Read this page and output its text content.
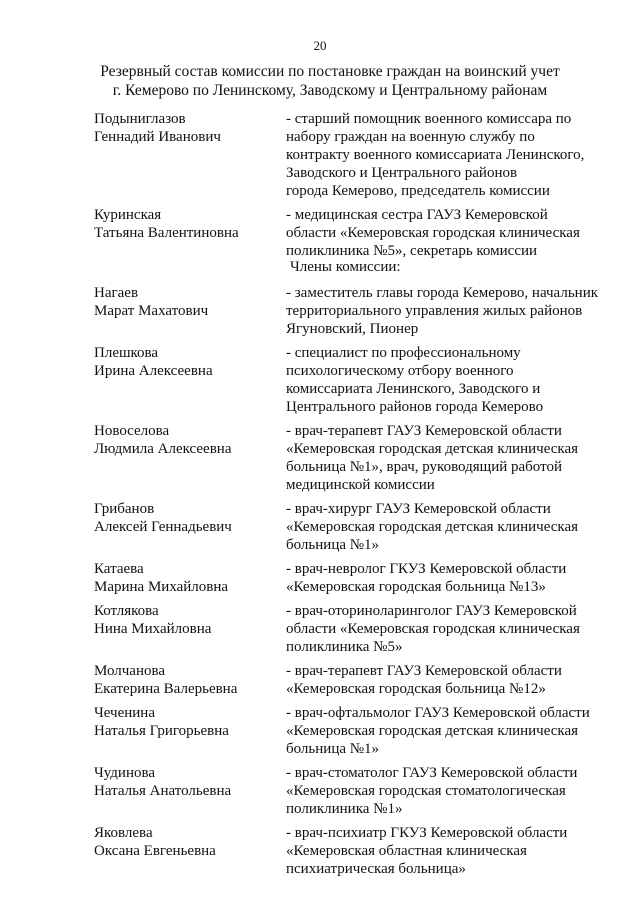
20
Резервный состав комиссии по постановке граждан на воинский учет
г. Кемерово по Ленинскому, Заводскому и Центральному районам
Подыниглазов
Геннадий Иванович
- старший помощник военного комиссара по
набору граждан на военную службу по
контракту военного комиссариата Ленинского,
Заводского и Центрального районов
города Кемерово, председатель комиссии
Куринская
Татьяна Валентиновна
- медицинская сестра ГАУЗ Кемеровской
области «Кемеровская городская клиническая
поликлиника №5», секретарь комиссии
Члены комиссии:
Нагаев
Марат Махатович
- заместитель главы города Кемерово, начальник
территориального управления жилых районов
Ягуновский, Пионер
Плешкова
Ирина Алексеевна
- специалист по профессиональному
психологическому отбору военного
комиссариата Ленинского, Заводского и
Центрального районов города Кемерово
Новоселова
Людмила Алексеевна
- врач-терапевт ГАУЗ Кемеровской области
«Кемеровская городская детская клиническая
больница №1», врач, руководящий работой
медицинской комиссии
Грибанов
Алексей Геннадьевич
- врач-хирург ГАУЗ Кемеровской области
«Кемеровская городская детская клиническая
больница №1»
Катаева
Марина Михайловна
- врач-невролог ГКУЗ Кемеровской области
«Кемеровская городская больница №13»
Котлякова
Нина Михайловна
- врач-оториноларинголог ГАУЗ Кемеровской
области «Кемеровская городская клиническая
поликлиника №5»
Молчанова
Екатерина Валерьевна
- врач-терапевт ГАУЗ Кемеровской области
«Кемеровская городская больница №12»
Чеченина
Наталья Григорьевна
- врач-офтальмолог ГАУЗ Кемеровской области
«Кемеровская городская детская клиническая
больница №1»
Чудинова
Наталья Анатольевна
- врач-стоматолог ГАУЗ Кемеровской области
«Кемеровская городская стоматологическая
поликлиника №1»
Яковлева
Оксана Евгеньевна
- врач-психиатр ГКУЗ Кемеровской области
«Кемеровская областная клиническая
психиатрическая больница»
